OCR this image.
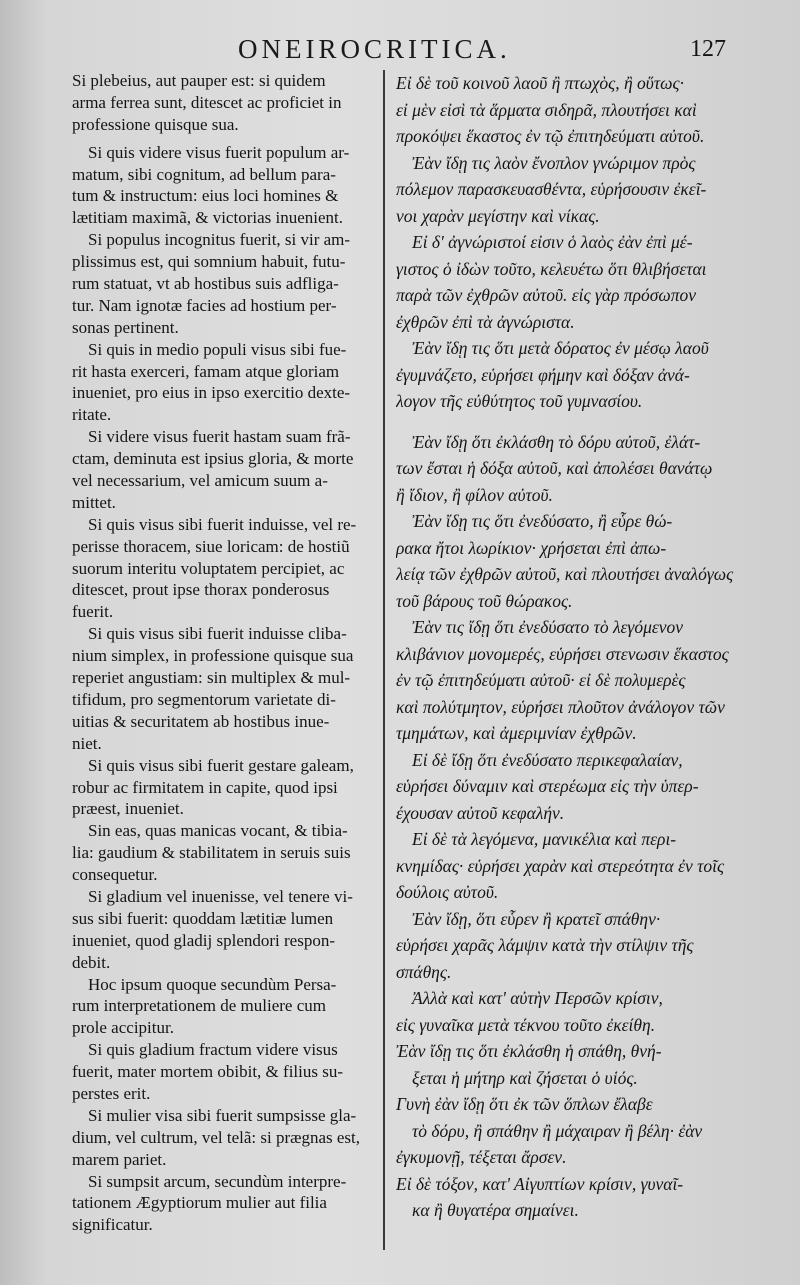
ONEIROCRITICA.	127
Si plebeius, aut pauper est: si quidem
arma ferrea sunt, ditescet ac proficiet in
professione quisque sua.
Si quis videre visus fuerit populum ar-
matum, sibi cognitum, ad bellum para-
tum & instructum: eius loci homines &
lætitiam maximã, & victorias inuenient.
Si populus incognitus fuerit, si vir am-
plissimus est, qui somnium habuit, futu-
rum statuat, vt ab hostibus suis adfliga-
tur. Nam ignotæ facies ad hostium per-
sonas pertinent.
Si quis in medio populi visus sibi fue-
rit hasta exerceri, famam atque gloriam
inueniet, pro eius in ipso exercitio dexte-
ritate.
Si videre visus fuerit hastam suam frã-
ctam, deminuta est ipsius gloria, & morte
vel necessarium, vel amicum suum a-
mittet.
Si quis visus sibi fuerit induisse, vel re-
perisse thoracem, siue loricam: de hostiũ
suorum interitu voluptatem percipiet, ac
ditescet, prout ipse thorax ponderosus
fuerit.
Si quis visus sibi fuerit induisse cliba-
nium simplex, in professione quisque sua
reperiet angustiam: sin multiplex & mul-
tifidum, pro segmentorum varietate di-
uitias & securitatem ab hostibus inue-
niet.
Si quis visus sibi fuerit gestare galeam,
robur ac firmitatem in capite, quod ipsi
præest, inueniet.
Sin eas, quas manicas vocant, & tibia-
lia: gaudium & stabilitatem in seruis suis
consequetur.
Si gladium vel inuenisse, vel tenere vi-
sus sibi fuerit: quoddam lætitiæ lumen
inueniet, quod gladij splendori respon-
debit.
Hoc ipsum quoque secundùm Persa-
rum interpretationem de muliere cum
prole accipitur.
Si quis gladium fractum videre visus
fuerit, mater mortem obibit, & filius su-
perstes erit.
Si mulier visa sibi fuerit sumpsisse gla-
dium, vel cultrum, vel telã: si prægnas est,
marem pariet.
Si sumpsit arcum, secundùm interpre-
tationem Ægyptiorum mulier aut filia
significatur.
Εἰ δὲ τοῦ κοινοῦ λαοῦ ἢ πτωχὸς, ἢ οὕτως·
εἰ μὲν εἰσὶ τὰ ἅρματα σιδηρᾶ, πλουτήσει καὶ
προκόψει ἕκαστος ἐν τῷ ἐπιτηδεύματι αὐτοῦ.
Ἐὰν ἴδῃ τις λαὸν ἔνοπλον γνώριμον πρὸς
πόλεμον παρασκευασθέντα, εὑρήσουσιν ἐκεῖ-
νοι χαρὰν μεγίστην καὶ νίκας.
Εἰ δ' ἀγνώριστοί εἰσιν ὁ λαὸς ἐὰν ἐπὶ μέ-
γιστος ὁ ἰδὼν τοῦτο, κελευέτω ὅτι θλιβήσεται
παρὰ τῶν ἐχθρῶν αὐτοῦ. εἰς γὰρ πρόσωπον
ἐχθρῶν ἐπὶ τὰ ἀγνώριστα.
Ἐὰν ἴδῃ τις ὅτι μετὰ δόρατος ἐν μέσῳ λαοῦ
ἐγυμνάζετο, εὑρήσει φήμην καὶ δόξαν ἀνά-
λογον τῆς εὐθύτητος τοῦ γυμνασίου.
Ἐὰν ἴδῃ ὅτι ἐκλάσθη τὸ δόρυ αὐτοῦ, ἐλάτ-
των ἔσται ἡ δόξα αὐτοῦ, καὶ ἀπολέσει θανάτῳ
ἢ ἴδιον, ἢ φίλον αὐτοῦ.
Ἐὰν ἴδῃ τις ὅτι ἐνεδύσατο, ἢ εὗρε θώ-
ρακα ἤτοι λωρίκιον· χρήσεται ἐπὶ ἀπω-
λείᾳ τῶν ἐχθρῶν αὐτοῦ, καὶ πλουτήσει ἀναλόγως
τοῦ βάρους τοῦ θώρακος.
Ἐὰν τις ἴδῃ ὅτι ἐνεδύσατο τὸ λεγόμενον
κλιβάνιον μονομερές, εὑρήσει στενωσιν ἕκαστος
ἐν τῷ ἐπιτηδεύματι αὐτοῦ· εἰ δὲ πολυμερὲς
καὶ πολύτμητον, εὑρήσει πλοῦτον ἀνάλογον τῶν
τμημάτων, καὶ ἀμεριμνίαν ἐχθρῶν.
Εἰ δὲ ἴδῃ ὅτι ἐνεδύσατο περικεφαλαίαν,
εὑρήσει δύναμιν καὶ στερέωμα εἰς τὴν ὑπερ-
έχουσαν αὐτοῦ κεφαλήν.
Εἰ δὲ τὰ λεγόμενα, μανικέλια καὶ περι-
κνημίδας· εὑρήσει χαρὰν καὶ στερεότητα ἐν τοῖς
δούλοις αὐτοῦ.
Ἐὰν ἴδῃ, ὅτι εὗρεν ἢ κρατεῖ σπάθην·
εὑρήσει χαρᾶς λάμψιν κατὰ τὴν στίλψιν τῆς
σπάθης.
Ἀλλὰ καὶ κατ' αὐτὴν Περσῶν κρίσιν,
εἰς γυναῖκα μετὰ τέκνου τοῦτο ἐκείθη.
Ἐὰν ἴδῃ τις ὅτι ἐκλάσθη ἡ σπάθη, θνή-
ξεται ἡ μήτηρ καὶ ζήσεται ὁ υἱός.
Γυνὴ ἐὰν ἴδῃ ὅτι ἐκ τῶν ὅπλων ἔλαβε
τὸ δόρυ, ἢ σπάθην ἢ μάχαιραν ἢ βέλη· ἐὰν
ἐγκυμονῇ, τέξεται ἄρσεν.
Εἰ δὲ τόξον, κατ' Αἰγυπτίων κρίσιν, γυναῖ-
κα ἢ θυγατέρα σημαίνει.
